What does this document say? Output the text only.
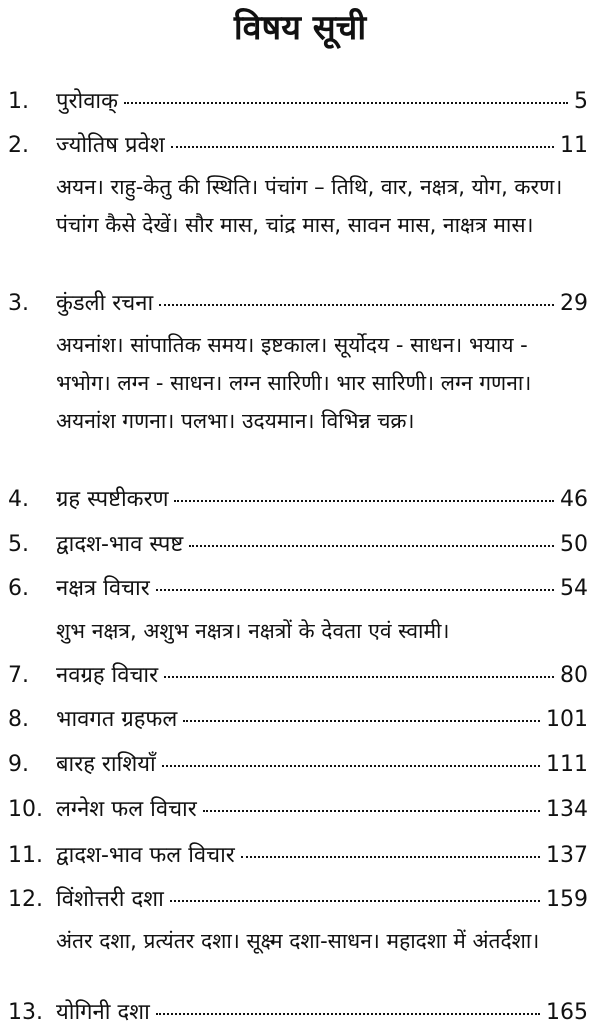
विषय सूची
1. पुरोवाक्	5
2. ज्योतिष प्रवेश	11
अयन। राहु-केतु की स्थिति। पंचांग – तिथि, वार, नक्षत्र, योग, करण। पंचांग कैसे देखें। सौर मास, चांद्र मास, सावन मास, नाक्षत्र मास।
3. कुंडली रचना	29
अयनांश। सांपातिक समय। इष्टकाल। सूर्योदय - साधन। भयाय - भभोग। लग्न - साधन। लग्न सारिणी। भार सारिणी। लग्न गणना। अयनांश गणना। पलभा। उदयमान। विभिन्न चक्र।
4. ग्रह स्पष्टीकरण	46
5. द्वादश-भाव स्पष्ट	50
6. नक्षत्र विचार	54
शुभ नक्षत्र, अशुभ नक्षत्र। नक्षत्रों के देवता एवं स्वामी।
7. नवग्रह विचार	80
8. भावगत ग्रहफल	101
9. बारह राशियाँ	111
10. लग्नेश फल विचार	134
11. द्वादश-भाव फल विचार	137
12. विंशोत्तरी दशा	159
अंतर दशा, प्रत्यंतर दशा। सूक्ष्म दशा-साधन। महादशा में अंतर्दशा।
13. योगिनी दशा	165
